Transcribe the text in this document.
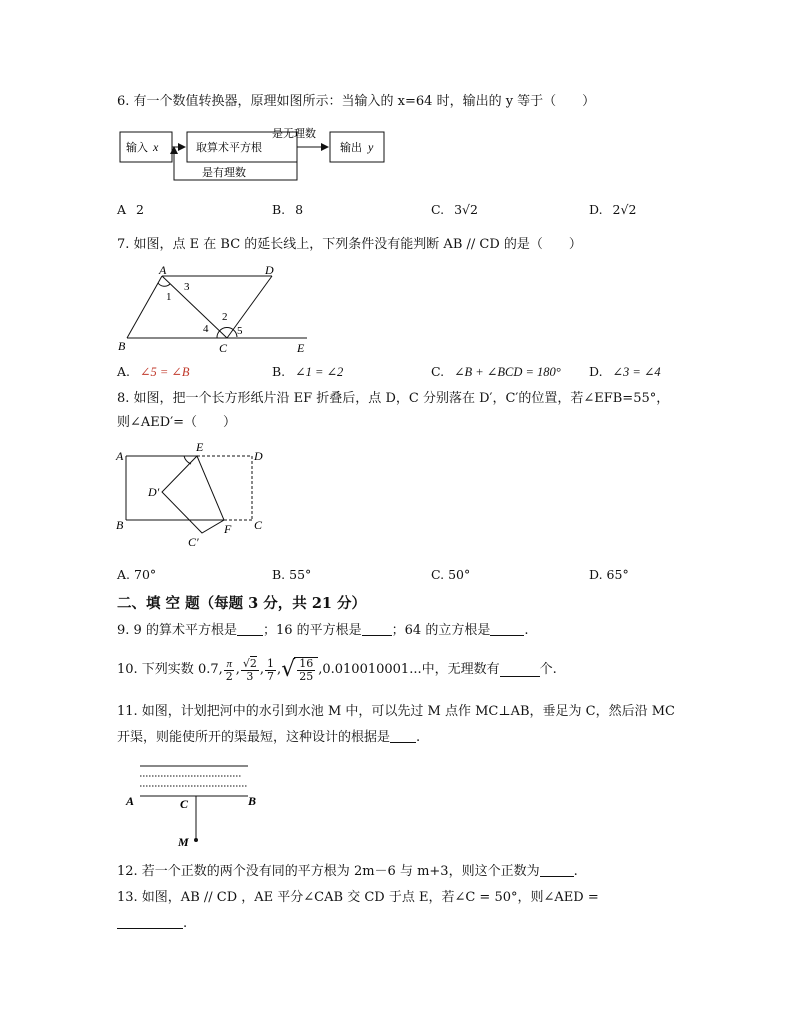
6. 有一个数值转换器，原理如图所示：当输入的 x=64 时，输出的 y 等于（　　）
输入 x	取算术平方根
是无理数
输出 y
是有理数
A 2	B. 8	C. 3√2	D. 2√2
7. 如图，点 E 在 BC 的延长线上，下列条件没有能判断 AB // CD 的是（　　）
A	D
B	C	E
1
3
2
4	5
A. ∠5 = ∠B	B. ∠1 = ∠2	C. ∠B + ∠BCD = 180° D. ∠3 = ∠4
8. 如图，把一个长方形纸片沿 EF 折叠后，点 D，C 分别落在 D′，C′的位置，若∠EFB=55°，
则∠AED′=（　　）
A
E
D
D′
B	F C
C′
A. 70°	B. 55°	C. 50°	D. 65°
二、填 空 题（每题 3 分，共 21 分）
9. 9 的算术平方根是 ；16 的平方根是 ；64 的立方根是	.
10. 下列实数 0.7, $\frac{\pi}{2}$ , $\frac{√2}{3}$ , $\frac{1}{7}$ , √ $\frac{16}{25} ,0.010010001$...中，无理数有	个.
11. 如图，计划把河中的水引到水池 M 中，可以先过 M 点作 MC⊥AB，垂足为 C，然后沿 MC
开渠，则能使所开的渠最短，这种设计的根据是 .
A	C	B
M
12. 若一个正数的两个没有同的平方根为 2m－6 与 m+3，则这个正数为	.
13. 如图，AB // CD ，AE 平分∠CAB 交 CD 于点 E，若∠C = 50°，则∠AED =
.
